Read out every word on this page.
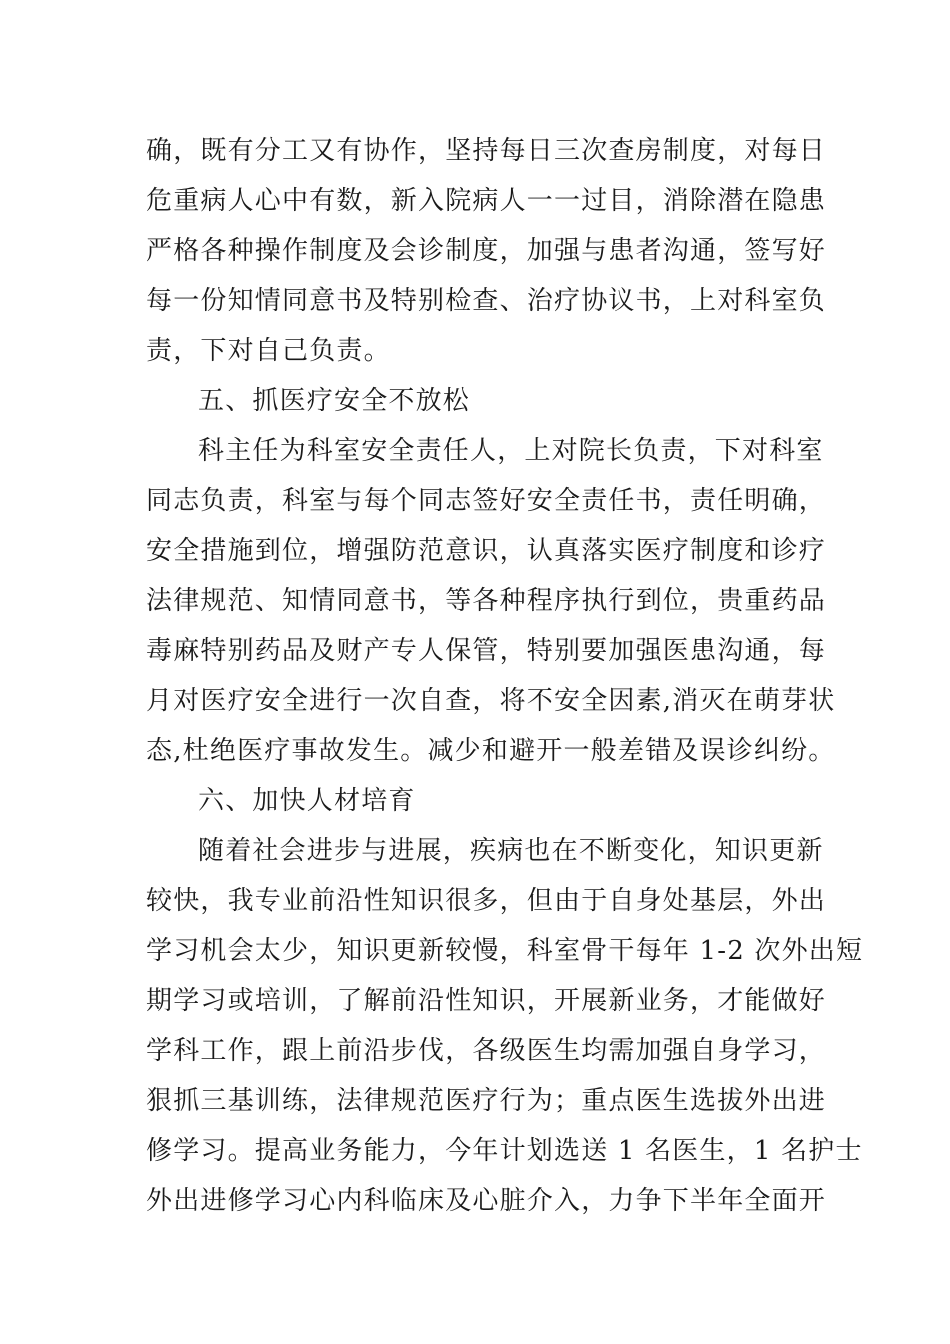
确，既有分工又有协作，坚持每日三次查房制度，对每日
危重病人心中有数，新入院病人一一过目，消除潜在隐患
严格各种操作制度及会诊制度，加强与患者沟通，签写好
每一份知情同意书及特别检查、治疗协议书，上对科室负
责，下对自己负责。
五、抓医疗安全不放松
科主任为科室安全责任人，上对院长负责，下对科室
同志负责，科室与每个同志签好安全责任书，责任明确，
安全措施到位，增强防范意识，认真落实医疗制度和诊疗
法律规范、知情同意书，等各种程序执行到位，贵重药品
毒麻特别药品及财产专人保管，特别要加强医患沟通，每
月对医疗安全进行一次自查，将不安全因素,消灭在萌芽状
态,杜绝医疗事故发生。减少和避开一般差错及误诊纠纷。
六、加快人材培育
随着社会进步与进展，疾病也在不断变化，知识更新
较快，我专业前沿性知识很多，但由于自身处基层，外出
学习机会太少，知识更新较慢，科室骨干每年 1-2 次外出短
期学习或培训，了解前沿性知识，开展新业务，才能做好
学科工作，跟上前沿步伐，各级医生均需加强自身学习，
狠抓三基训练，法律规范医疗行为；重点医生选拔外出进
修学习。提高业务能力，今年计划选送 1 名医生，1 名护士
外出进修学习心内科临床及心脏介入，力争下半年全面开
